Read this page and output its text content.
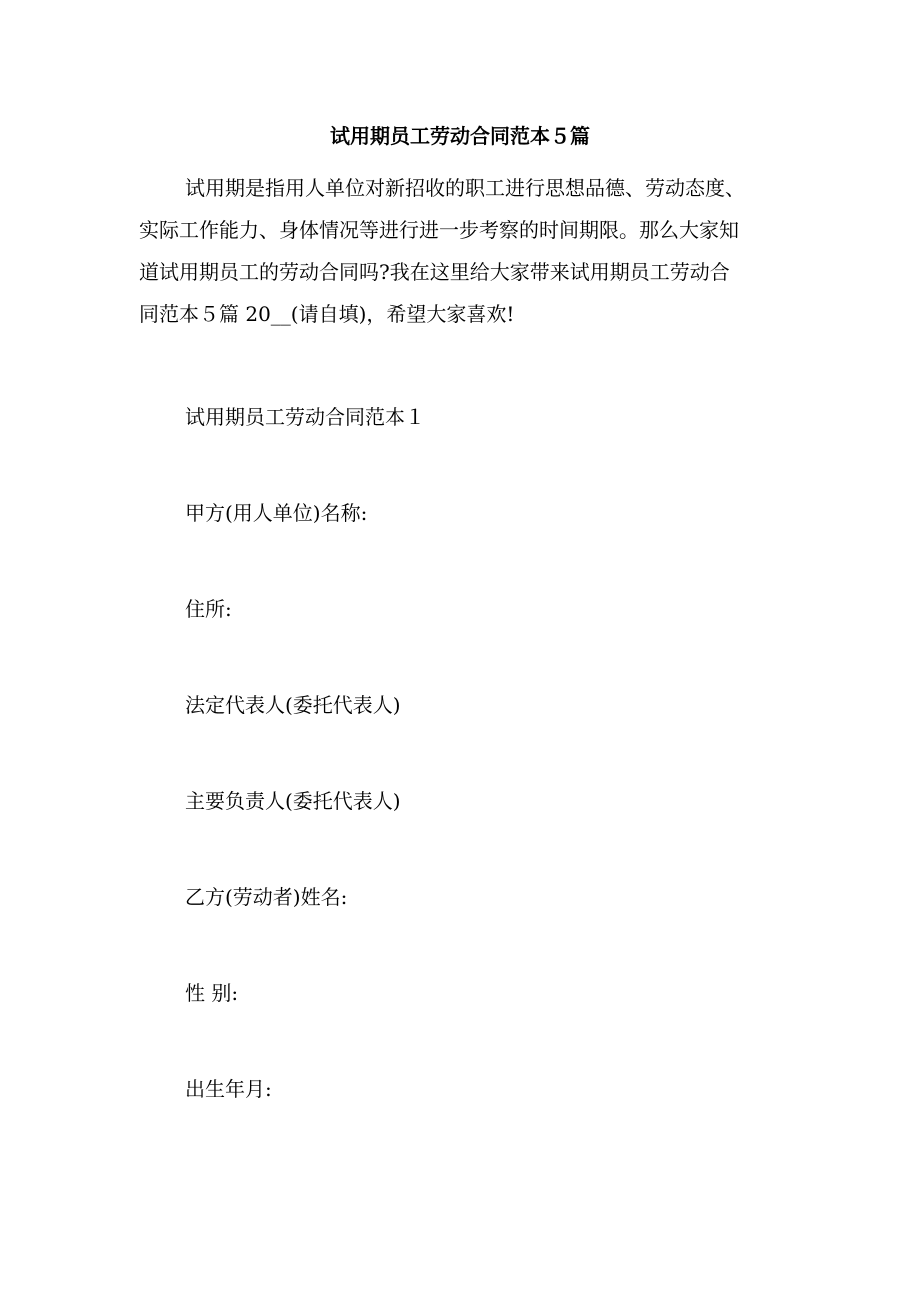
试用期员工劳动合同范本５篇

试用期是指用人单位对新招收的职工进行思想品德、劳动态度、
实际工作能力、身体情况等进行进一步考察的时间期限。那么大家知
道试用期员工的劳动合同吗?我在这里给大家带来试用期员工劳动合
同范本５篇 20__(请自填)，希望大家喜欢!

试用期员工劳动合同范本１

甲方(用人单位)名称:

住所:

法定代表人(委托代表人)

主要负责人(委托代表人)

乙方(劳动者)姓名:

性 别:

出生年月:
